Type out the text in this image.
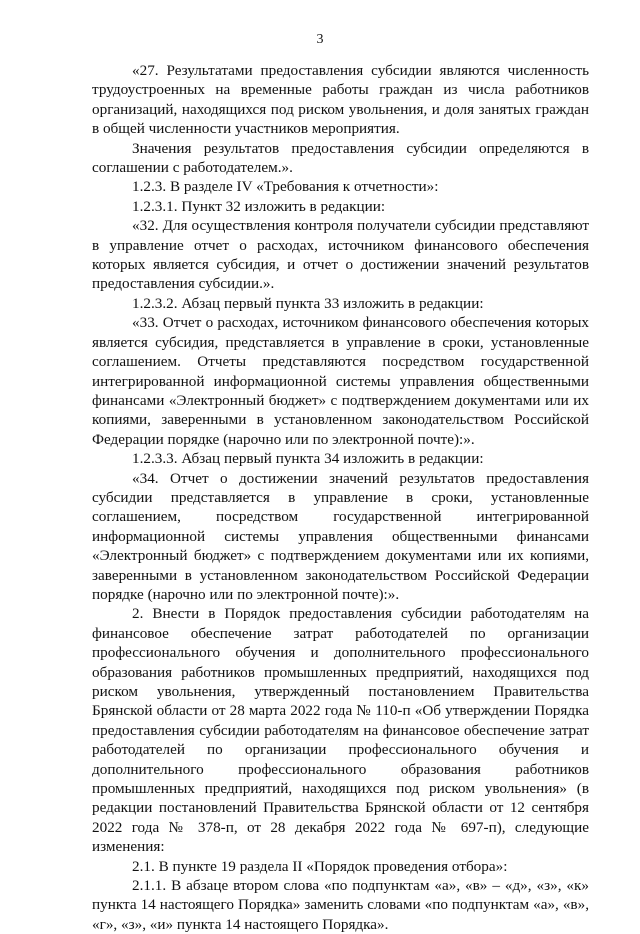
3

«27. Результатами предоставления субсидии являются численность трудоустроенных на временные работы граждан из числа работников организаций, находящихся под риском увольнения, и доля занятых граждан в общей численности участников мероприятия.

Значения результатов предоставления субсидии определяются в соглашении с работодателем.».

1.2.3. В разделе IV «Требования к отчетности»:

1.2.3.1. Пункт 32 изложить в редакции:

«32. Для осуществления контроля получатели субсидии представляют в управление отчет о расходах, источником финансового обеспечения которых является субсидия, и отчет о достижении значений результатов предоставления субсидии.».

1.2.3.2. Абзац первый пункта 33 изложить в редакции:

«33. Отчет о расходах, источником финансового обеспечения которых является субсидия, представляется в управление в сроки, установленные соглашением. Отчеты представляются посредством государственной интегрированной информационной системы управления общественными финансами «Электронный бюджет» с подтверждением документами или их копиями, заверенными в установленном законодательством Российской Федерации порядке (нарочно или по электронной почте):».

1.2.3.3. Абзац первый пункта 34 изложить в редакции:

«34. Отчет о достижении значений результатов предоставления субсидии представляется в управление в сроки, установленные соглашением, посредством государственной интегрированной информационной системы управления общественными финансами «Электронный бюджет» с подтверждением документами или их копиями, заверенными в установленном законодательством Российской Федерации порядке (нарочно или по электронной почте):».

2. Внести в Порядок предоставления субсидии работодателям на финансовое обеспечение затрат работодателей по организации профессионального обучения и дополнительного профессионального образования работников промышленных предприятий, находящихся под риском увольнения, утвержденный постановлением Правительства Брянской области от 28 марта 2022 года № 110-п «Об утверждении Порядка предоставления субсидии работодателям на финансовое обеспечение затрат работодателей по организации профессионального обучения и дополнительного профессионального образования работников промышленных предприятий, находящихся под риском увольнения» (в редакции постановлений Правительства Брянской области от 12 сентября 2022 года № 378-п, от 28 декабря 2022 года № 697-п), следующие изменения:

2.1. В пункте 19 раздела II «Порядок проведения отбора»:

2.1.1. В абзаце втором слова «по подпунктам «а», «в» – «д», «з», «к» пункта 14 настоящего Порядка» заменить словами «по подпунктам «а», «в», «г», «з», «и» пункта 14 настоящего Порядка».
